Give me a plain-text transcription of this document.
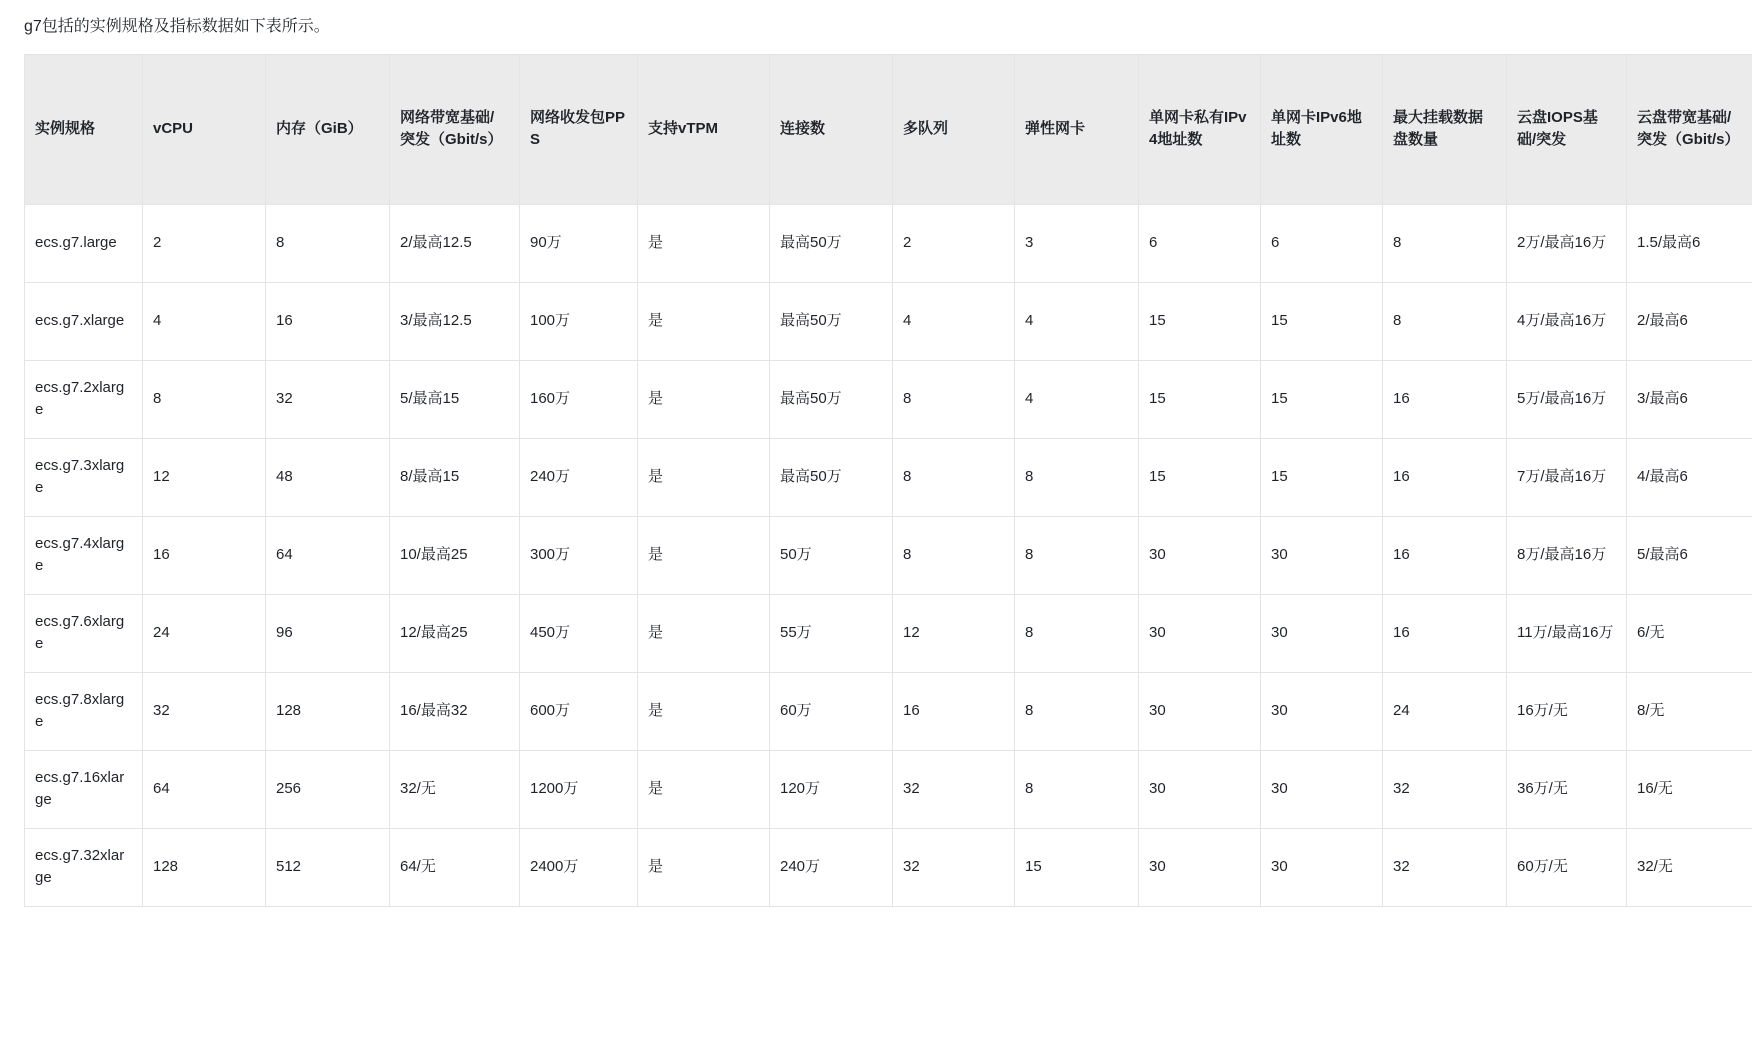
g7包括的实例规格及指标数据如下表所示。

实例规格	vCPU	内存（GiB）	网络带宽基础/突发（Gbit/s）	网络收发包PPS	支持vTPM	连接数	多队列	弹性网卡	单网卡私有IPv4地址数	单网卡IPv6地址数	最大挂载数据盘数量	云盘IOPS基础/突发	云盘带宽基础/突发（Gbit/s）
ecs.g7.large	2	8	2/最高12.5	90万	是	最高50万	2	3	6	6	8	2万/最高16万	1.5/最高6
ecs.g7.xlarge	4	16	3/最高12.5	100万	是	最高50万	4	4	15	15	8	4万/最高16万	2/最高6
ecs.g7.2xlarge	8	32	5/最高15	160万	是	最高50万	8	4	15	15	16	5万/最高16万	3/最高6
ecs.g7.3xlarge	12	48	8/最高15	240万	是	最高50万	8	8	15	15	16	7万/最高16万	4/最高6
ecs.g7.4xlarge	16	64	10/最高25	300万	是	50万	8	8	30	30	16	8万/最高16万	5/最高6
ecs.g7.6xlarge	24	96	12/最高25	450万	是	55万	12	8	30	30	16	11万/最高16万	6/无
ecs.g7.8xlarge	32	128	16/最高32	600万	是	60万	16	8	30	30	24	16万/无	8/无
ecs.g7.16xlarge	64	256	32/无	1200万	是	120万	32	8	30	30	32	36万/无	16/无
ecs.g7.32xlarge	128	512	64/无	2400万	是	240万	32	15	30	30	32	60万/无	32/无
